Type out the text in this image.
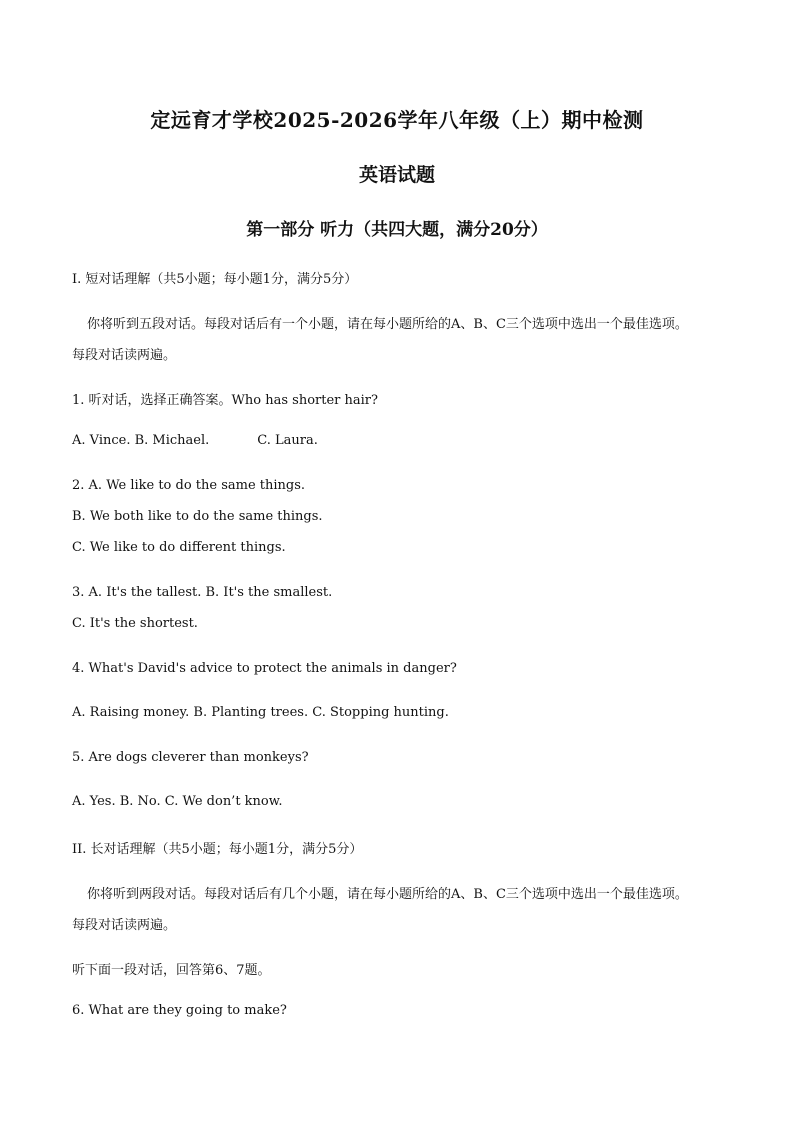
定远育才学校2025-2026学年八年级（上）期中检测
英语试题
第一部分 听力（共四大题，满分20分）
I. 短对话理解（共5小题；每小题1分，满分5分）
你将听到五段对话。每段对话后有一个小题，请在每小题所给的A、B、C三个选项中选出一个最佳选项。
每段对话读两遍。
1. 听对话，选择正确答案。Who has shorter hair?
A. Vince. B. Michael.	C. Laura.
2. A. We like to do the same things.
B. We both like to do the same things.
C. We like to do different things.
3. A. It's the tallest. B. It's the smallest.
C. It's the shortest.
4. What's David's advice to protect the animals in danger?
A. Raising money. B. Planting trees. C. Stopping hunting.
5. Are dogs cleverer than monkeys?
A. Yes. B. No. C. We don’t know.
II. 长对话理解（共5小题；每小题1分，满分5分）
你将听到两段对话。每段对话后有几个小题，请在每小题所给的A、B、C三个选项中选出一个最佳选项。
每段对话读两遍。
听下面一段对话，回答第6、7题。
6. What are they going to make?
